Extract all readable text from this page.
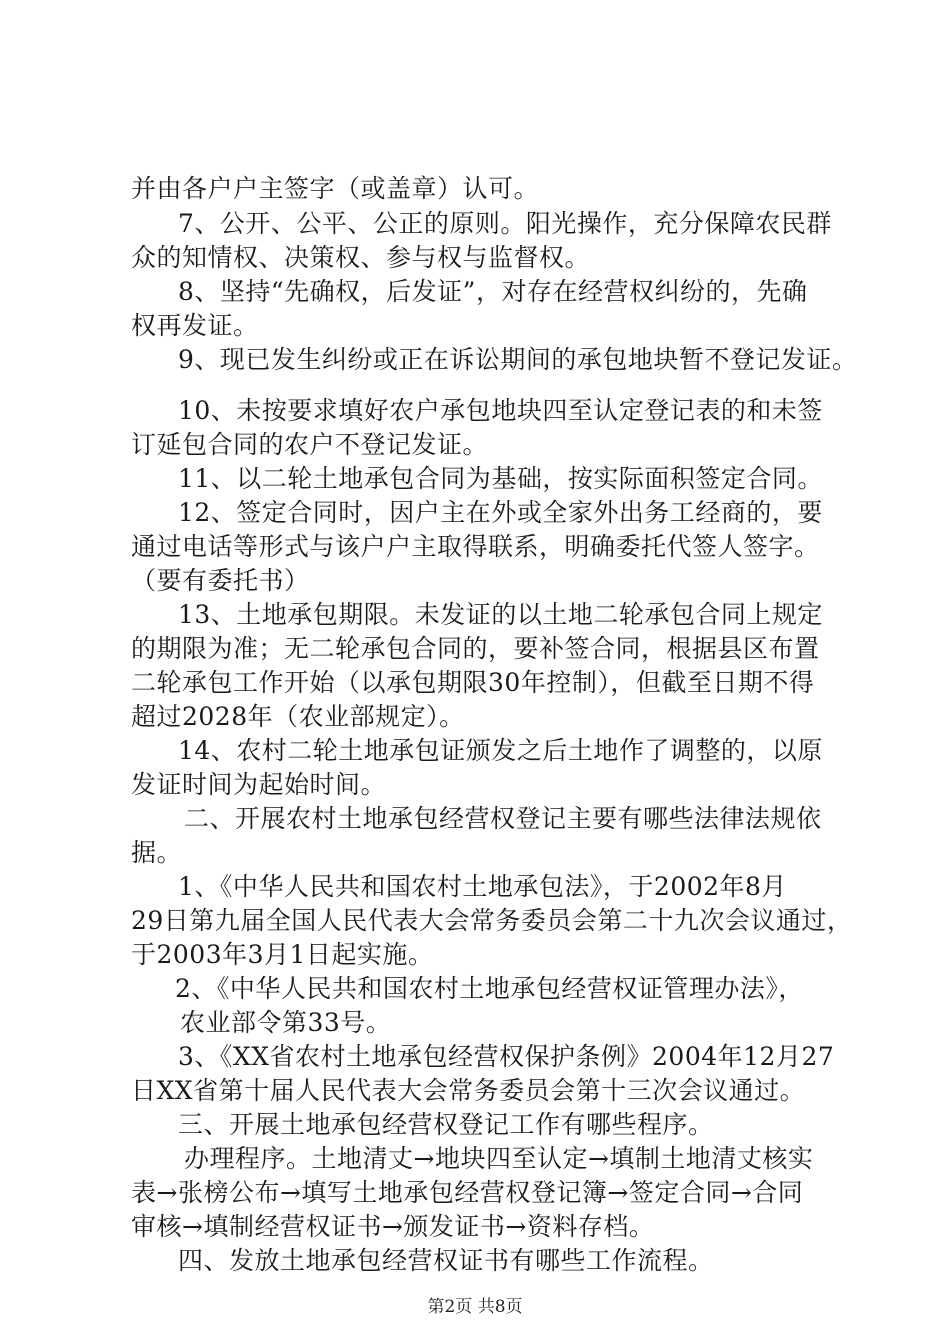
并由各户户主签字（或盖章）认可。
7、公开、公平、公正的原则。阳光操作，充分保障农民群
众的知情权、决策权、参与权与监督权。
8、坚持“先确权，后发证”，对存在经营权纠纷的，先确
权再发证。
9、现已发生纠纷或正在诉讼期间的承包地块暂不登记发证。
10、未按要求填好农户承包地块四至认定登记表的和未签
订延包合同的农户不登记发证。
11、以二轮土地承包合同为基础，按实际面积签定合同。
12、签定合同时，因户主在外或全家外出务工经商的，要
通过电话等形式与该户户主取得联系，明确委托代签人签字。
（要有委托书）
13、土地承包期限。未发证的以土地二轮承包合同上规定
的期限为准；无二轮承包合同的，要补签合同，根据县区布置
二轮承包工作开始（以承包期限30年控制），但截至日期不得
超过2028年（农业部规定）。
14、农村二轮土地承包证颁发之后土地作了调整的，以原
发证时间为起始时间。
二、开展农村土地承包经营权登记主要有哪些法律法规依
据。
1、《中华人民共和国农村土地承包法》，于2002年8月
29日第九届全国人民代表大会常务委员会第二十九次会议通过，
于2003年3月1日起实施。
2、《中华人民共和国农村土地承包经营权证管理办法》，
农业部令第33号。
3、《XX省农村土地承包经营权保护条例》2004年12月27
日XX省第十届人民代表大会常务委员会第十三次会议通过。
三、开展土地承包经营权登记工作有哪些程序。
办理程序。土地清丈→地块四至认定→填制土地清丈核实
表→张榜公布→填写土地承包经营权登记簿→签定合同→合同
审核→填制经营权证书→颁发证书→资料存档。
四、发放土地承包经营权证书有哪些工作流程。
第2页 共8页
